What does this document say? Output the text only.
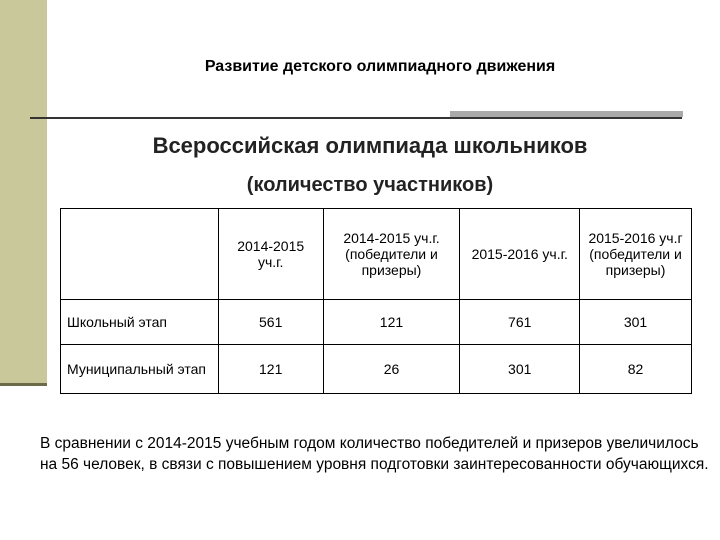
Развитие детского олимпиадного движения
Всероссийская олимпиада школьников
(количество участников)
	2014-2015 уч.г.	2014-2015 уч.г. (победители и призеры)	2015-2016 уч.г.	2015-2016 уч.г (победители и призеры)
Школьный этап	561	121	761	301
Муниципальный этап	121	26	301	82
В сравнении с 2014-2015 учебным годом количество победителей и призеров увеличилось на 56 человек, в связи с повышением уровня подготовки заинтересованности обучающихся.
